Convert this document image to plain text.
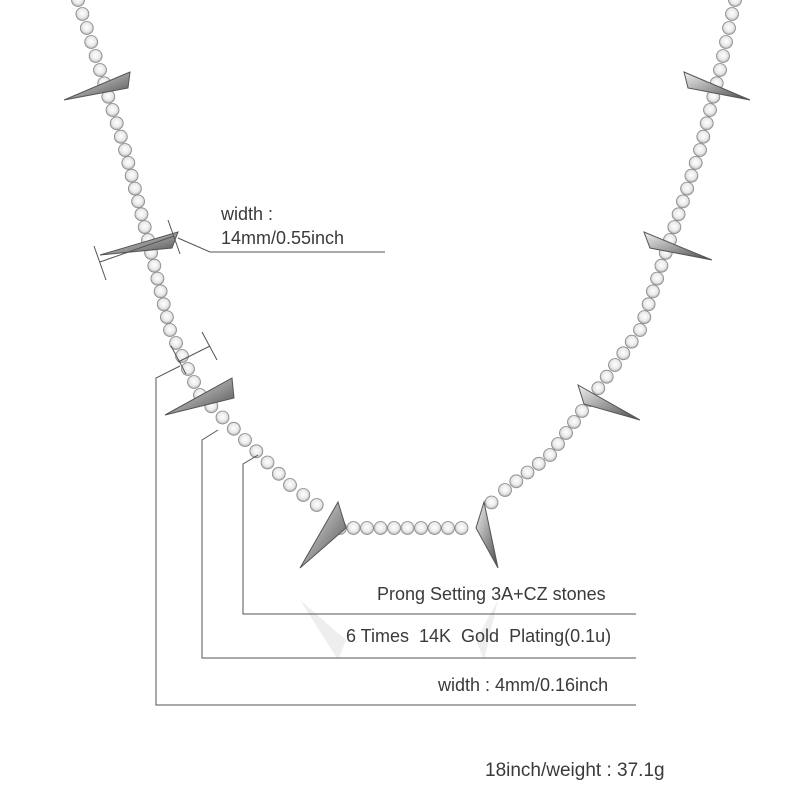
width :
14mm/0.55inch
Prong Setting 3A+CZ stones
6 Times  14K  Gold  Plating(0.1u)
width : 4mm/0.16inch
18inch/weight : 37.1g
